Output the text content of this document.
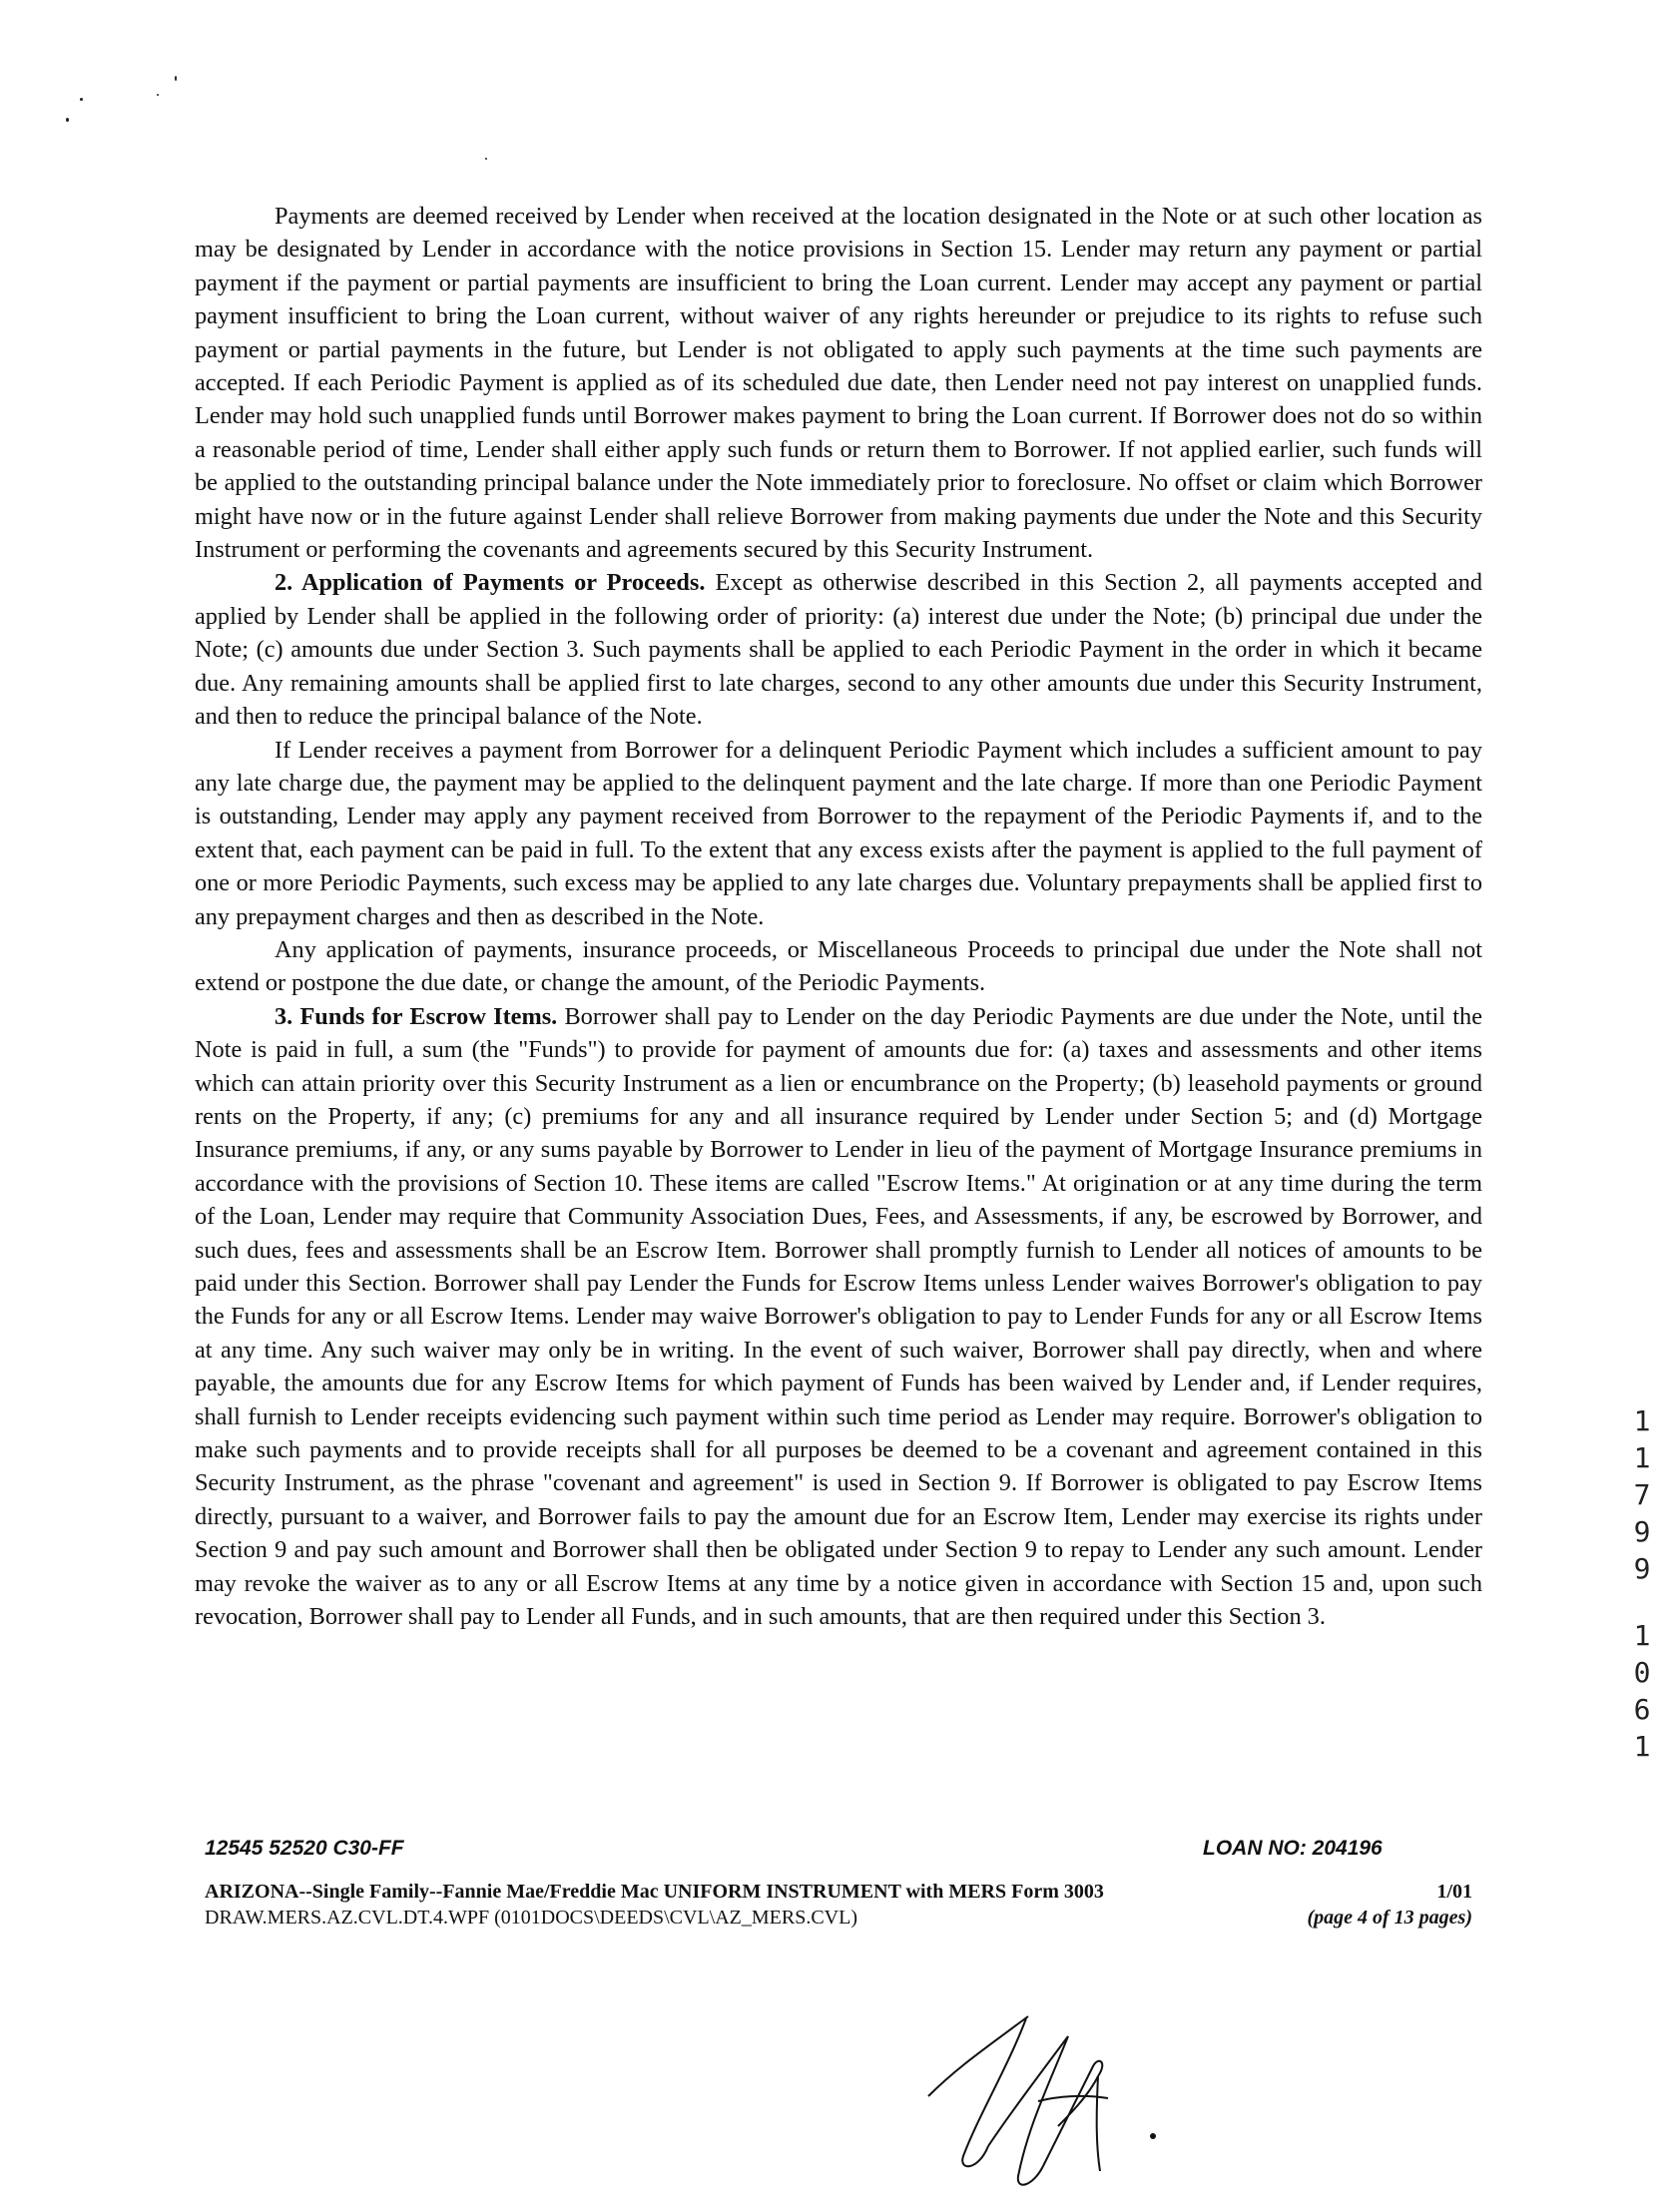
Payments are deemed received by Lender when received at the location designated in the Note or at such other location as may be designated by Lender in accordance with the notice provisions in Section 15. Lender may return any payment or partial payment if the payment or partial payments are insufficient to bring the Loan current. Lender may accept any payment or partial payment insufficient to bring the Loan current, without waiver of any rights hereunder or prejudice to its rights to refuse such payment or partial payments in the future, but Lender is not obligated to apply such payments at the time such payments are accepted. If each Periodic Payment is applied as of its scheduled due date, then Lender need not pay interest on unapplied funds. Lender may hold such unapplied funds until Borrower makes payment to bring the Loan current. If Borrower does not do so within a reasonable period of time, Lender shall either apply such funds or return them to Borrower. If not applied earlier, such funds will be applied to the outstanding principal balance under the Note immediately prior to foreclosure. No offset or claim which Borrower might have now or in the future against Lender shall relieve Borrower from making payments due under the Note and this Security Instrument or performing the covenants and agreements secured by this Security Instrument.

2. Application of Payments or Proceeds. Except as otherwise described in this Section 2, all payments accepted and applied by Lender shall be applied in the following order of priority: (a) interest due under the Note; (b) principal due under the Note; (c) amounts due under Section 3. Such payments shall be applied to each Periodic Payment in the order in which it became due. Any remaining amounts shall be applied first to late charges, second to any other amounts due under this Security Instrument, and then to reduce the principal balance of the Note.

If Lender receives a payment from Borrower for a delinquent Periodic Payment which includes a sufficient amount to pay any late charge due, the payment may be applied to the delinquent payment and the late charge. If more than one Periodic Payment is outstanding, Lender may apply any payment received from Borrower to the repayment of the Periodic Payments if, and to the extent that, each payment can be paid in full. To the extent that any excess exists after the payment is applied to the full payment of one or more Periodic Payments, such excess may be applied to any late charges due. Voluntary prepayments shall be applied first to any prepayment charges and then as described in the Note.

Any application of payments, insurance proceeds, or Miscellaneous Proceeds to principal due under the Note shall not extend or postpone the due date, or change the amount, of the Periodic Payments.

3. Funds for Escrow Items. Borrower shall pay to Lender on the day Periodic Payments are due under the Note, until the Note is paid in full, a sum (the "Funds") to provide for payment of amounts due for: (a) taxes and assessments and other items which can attain priority over this Security Instrument as a lien or encumbrance on the Property; (b) leasehold payments or ground rents on the Property, if any; (c) premiums for any and all insurance required by Lender under Section 5; and (d) Mortgage Insurance premiums, if any, or any sums payable by Borrower to Lender in lieu of the payment of Mortgage Insurance premiums in accordance with the provisions of Section 10. These items are called "Escrow Items." At origination or at any time during the term of the Loan, Lender may require that Community Association Dues, Fees, and Assessments, if any, be escrowed by Borrower, and such dues, fees and assessments shall be an Escrow Item. Borrower shall promptly furnish to Lender all notices of amounts to be paid under this Section. Borrower shall pay Lender the Funds for Escrow Items unless Lender waives Borrower's obligation to pay the Funds for any or all Escrow Items. Lender may waive Borrower's obligation to pay to Lender Funds for any or all Escrow Items at any time. Any such waiver may only be in writing. In the event of such waiver, Borrower shall pay directly, when and where payable, the amounts due for any Escrow Items for which payment of Funds has been waived by Lender and, if Lender requires, shall furnish to Lender receipts evidencing such payment within such time period as Lender may require. Borrower's obligation to make such payments and to provide receipts shall for all purposes be deemed to be a covenant and agreement contained in this Security Instrument, as the phrase "covenant and agreement" is used in Section 9. If Borrower is obligated to pay Escrow Items directly, pursuant to a waiver, and Borrower fails to pay the amount due for an Escrow Item, Lender may exercise its rights under Section 9 and pay such amount and Borrower shall then be obligated under Section 9 to repay to Lender any such amount. Lender may revoke the waiver as to any or all Escrow Items at any time by a notice given in accordance with Section 15 and, upon such revocation, Borrower shall pay to Lender all Funds, and in such amounts, that are then required under this Section 3.

12545 52520 C30-FF	LOAN NO: 204196
ARIZONA--Single Family--Fannie Mae/Freddie Mac UNIFORM INSTRUMENT with MERS Form 3003	1/01
DRAW.MERS.AZ.CVL.DT.4.WPF (0101DOCS\DEEDS\CVL\AZ_MERS.CVL)	(page 4 of 13 pages)
1
1
7
9
9
1
0
6
1
